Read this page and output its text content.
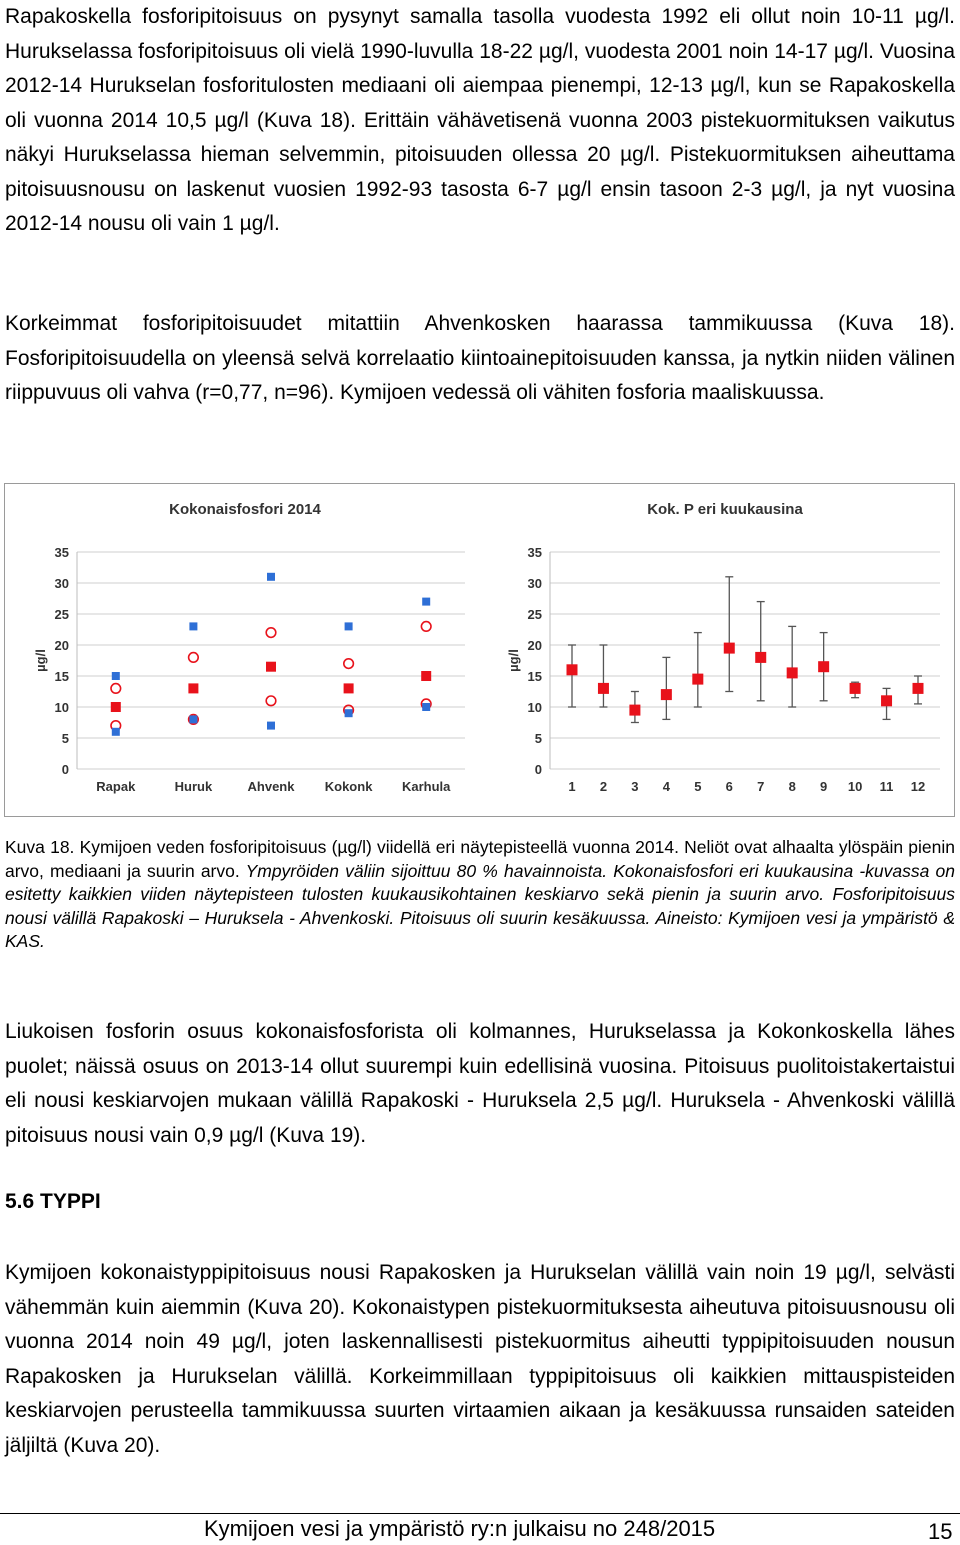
Rapakoskella fosforipitoisuus on pysynyt samalla tasolla vuodesta 1992 eli ollut noin 10-11 µg/l. Hurukselassa fosforipitoisuus oli vielä 1990-luvulla 18-22 µg/l, vuodesta 2001 noin 14-17 µg/l. Vuosina 2012-14 Hurukselan fosforitulosten mediaani oli aiempaa pienempi, 12-13 µg/l, kun se Rapakoskella oli vuonna 2014 10,5 µg/l (Kuva 18). Erittäin vähävetisenä vuonna 2003 pistekuormituksen vaikutus näkyi Hurukselassa hieman selvemmin, pitoisuuden ollessa 20 µg/l. Pistekuormituksen aiheuttama pitoisuusnousu on laskenut vuosien 1992-93 tasosta 6-7 µg/l ensin tasoon 2-3 µg/l, ja nyt vuosina 2012-14 nousu oli vain 1 µg/l.

Korkeimmat fosforipitoisuudet mitattiin Ahvenkosken haarassa tammikuussa (Kuva 18). Fosforipitoisuudella on yleensä selvä korrelaatio kiintoainepitoisuuden kanssa, ja nytkin niiden välinen riippuvuus oli vahva (r=0,77, n=96). Kymijoen vedessä oli vähiten fosforia maaliskuussa.

Kokonaisfosfori 2014
0
5
10
15
20
25
30
35
µg/l
Rapak	Huruk	Ahvenk Kokonk Karhula
Kok. P eri kuukausina
0
5
10
15
20
25
30
35
µg/l
1 2 3 4 5 6 7 8 9 10 11 12

Kuva 18. Kymijoen veden fosforipitoisuus (µg/l) viidellä eri näytepisteellä vuonna 2014. Neliöt ovat alhaalta ylöspäin pienin arvo, mediaani ja suurin arvo. Ympyröiden väliin sijoittuu 80 % havainnoista. Kokonaisfosfori eri kuukausina -kuvassa on esitetty kaikkien viiden näytepisteen tulosten kuukausikohtainen keskiarvo sekä pienin ja suurin arvo. Fosforipitoisuus nousi välillä Rapakoski – Huruksela - Ahvenkoski. Pitoisuus oli suurin kesäkuussa. Aineisto: Kymijoen vesi ja ympäristö & KAS.

Liukoisen fosforin osuus kokonaisfosforista oli kolmannes, Hurukselassa ja Kokonkoskella lähes puolet; näissä osuus on 2013-14 ollut suurempi kuin edellisinä vuosina. Pitoisuus puolitoistakertaistui eli nousi keskiarvojen mukaan välillä Rapakoski - Huruksela 2,5 µg/l. Huruksela - Ahvenkoski välillä pitoisuus nousi vain 0,9 µg/l (Kuva 19).

5.6 TYPPI

Kymijoen kokonaistyppipitoisuus nousi Rapakosken ja Hurukselan välillä vain noin 19 µg/l, selvästi vähemmän kuin aiemmin (Kuva 20). Kokonaistypen pistekuormituksesta aiheutuva pitoisuusnousu oli vuonna 2014 noin 49 µg/l, joten laskennallisesti pistekuormitus aiheutti typpipitoisuuden nousun Rapakosken ja Hurukselan välillä. Korkeimmillaan typpipitoisuus oli kaikkien mittauspisteiden keskiarvojen perusteella tammikuussa suurten virtaamien aikaan ja kesäkuussa runsaiden sateiden jäljiltä (Kuva 20).

Kymijoen vesi ja ympäristö ry:n julkaisu no 248/2015	15
